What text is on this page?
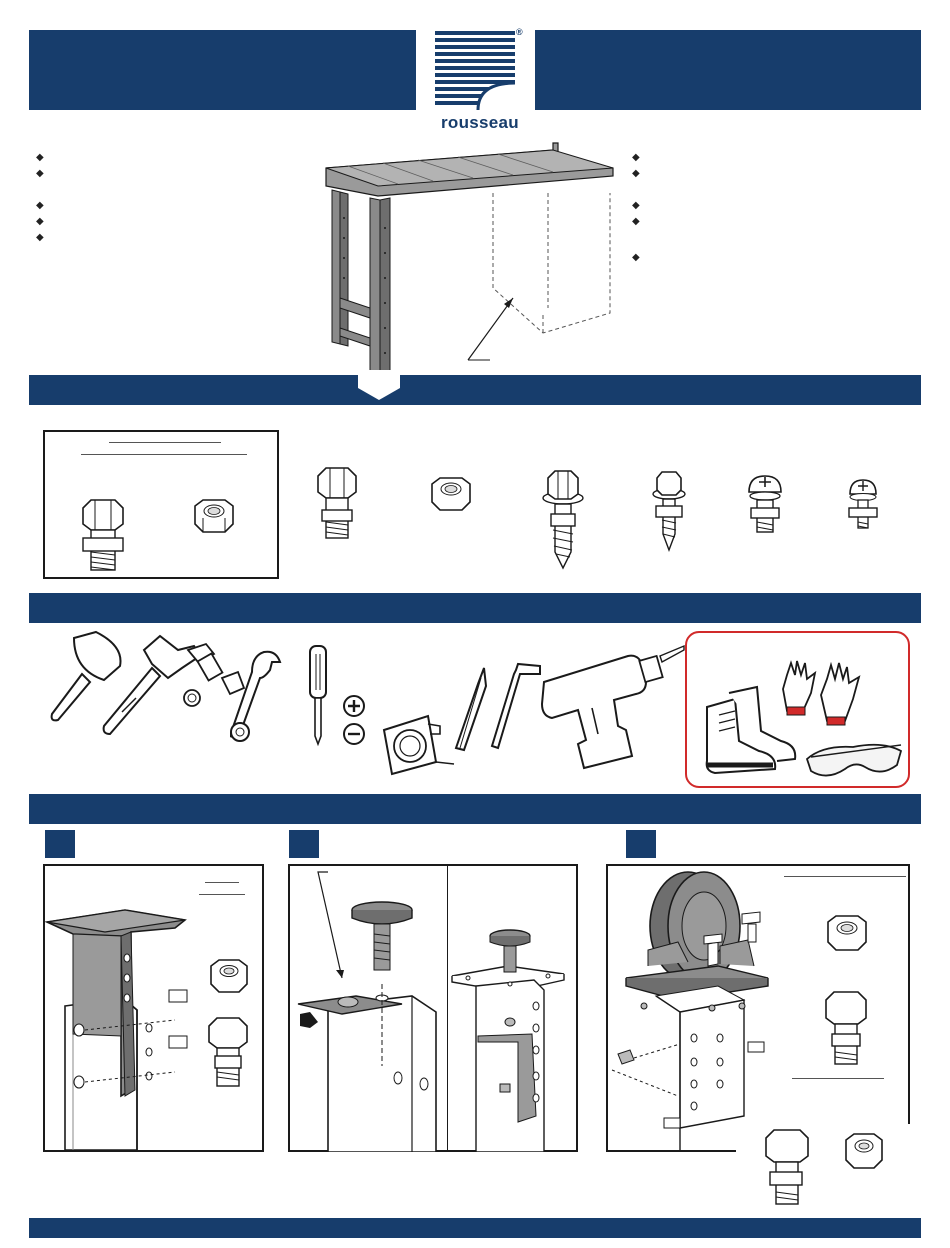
®
rousseau
◆
◆
◆
◆
◆
◆
◆
◆
◆
◆
